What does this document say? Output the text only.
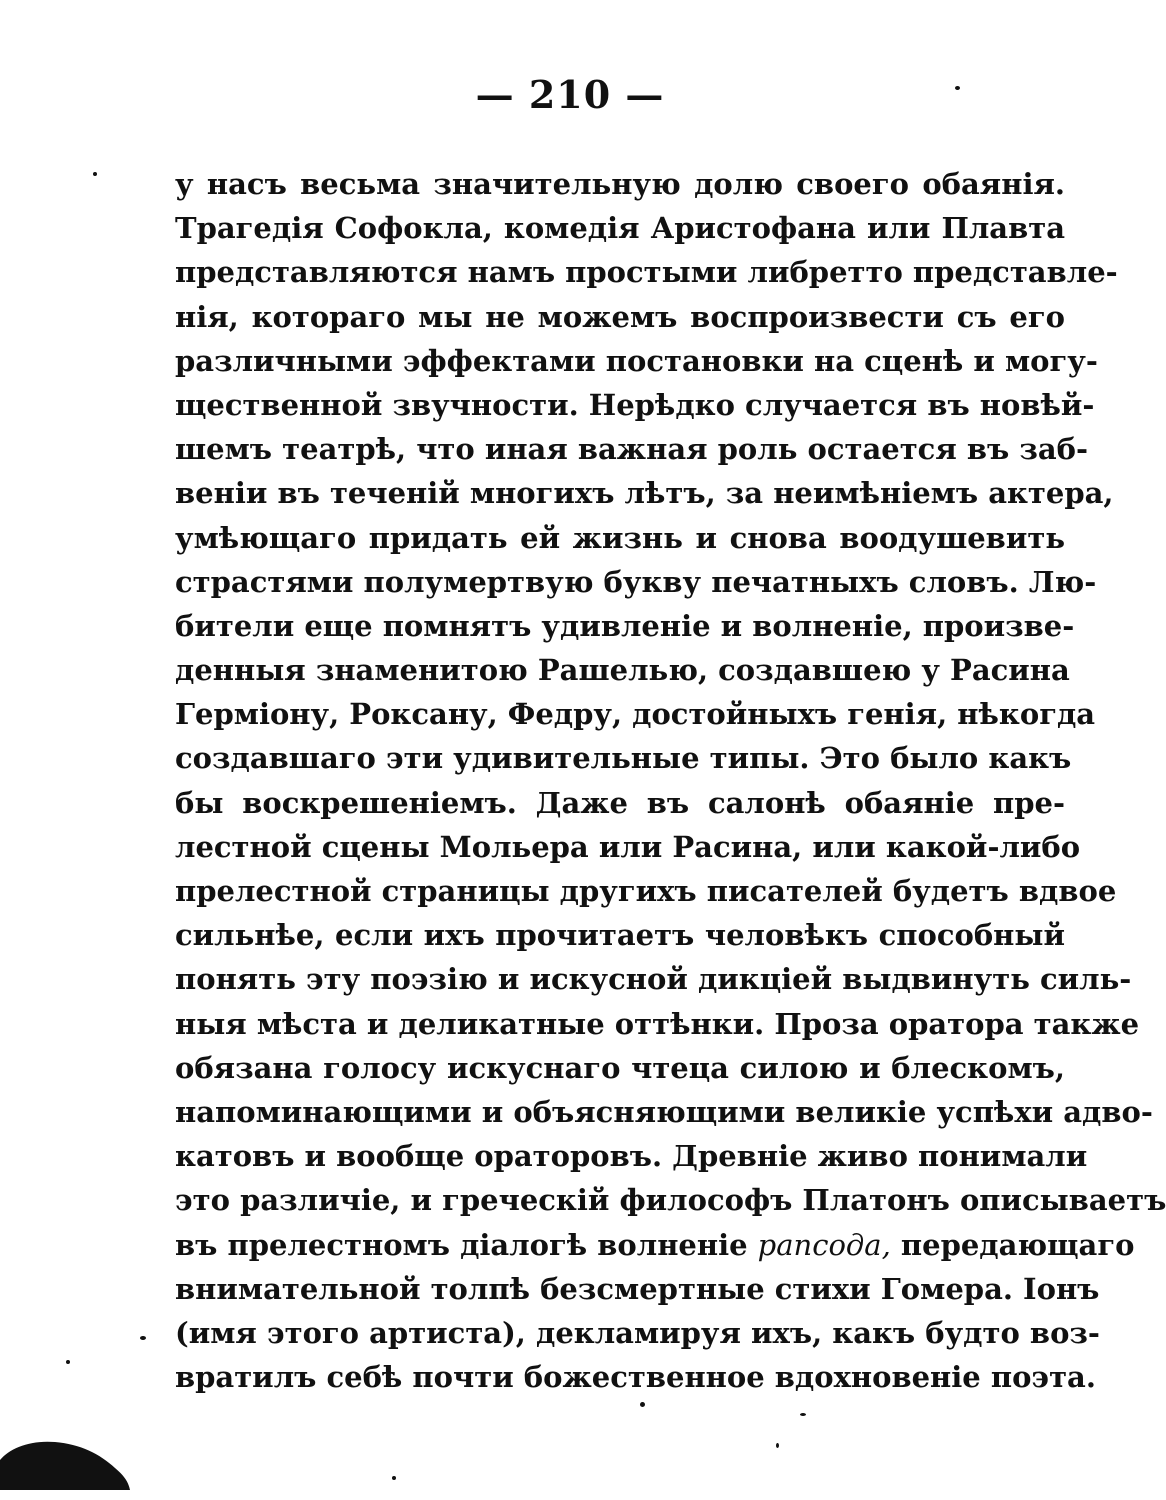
— 210 —
у насъ весьма значительную долю своего обаянія.
Трагедія Софокла, комедія Аристофана или Плавта
представляются намъ простыми либретто представле-
нія, котораго мы не можемъ воспроизвести съ его
различными эффектами постановки на сценѣ и могу-
щественной звучности. Нерѣдко случается въ новѣй-
шемъ театрѣ, что иная важная роль остается въ заб-
веніи въ теченій многихъ лѣтъ, за неимѣніемъ актера,
умѣющаго придать ей жизнь и снова воодушевить
страстями полумертвую букву печатныхъ словъ. Лю-
бители еще помнятъ удивленіе и волненіе, произве-
денныя знаменитою Рашелью, создавшею у Расина
Герміону, Роксану, Федру, достойныхъ генія, нѣкогда
создавшаго эти удивительные типы. Это было какъ
бы воскрешеніемъ. Даже въ салонѣ обаяніе пре-
лестной сцены Мольера или Расина, или какой-либо
прелестной страницы другихъ писателей будетъ вдвое
сильнѣе, если ихъ прочитаетъ человѣкъ способный
понять эту поэзію и искусной дикціей выдвинуть силь-
ныя мѣста и деликатные оттѣнки. Проза оратора также
обязана голосу искуснаго чтеца силою и блескомъ,
напоминающими и объясняющими великіе успѣхи адво-
катовъ и вообще ораторовъ. Древніе живо понимали
это различіе, и греческій философъ Платонъ описываетъ
въ прелестномъ діалогѣ волненіе рапсода, передающаго
внимательной толпѣ безсмертные стихи Гомера. Іонъ
(имя этого артиста), декламируя ихъ, какъ будто воз-
вратилъ себѣ почти божественное вдохновеніе поэта.
